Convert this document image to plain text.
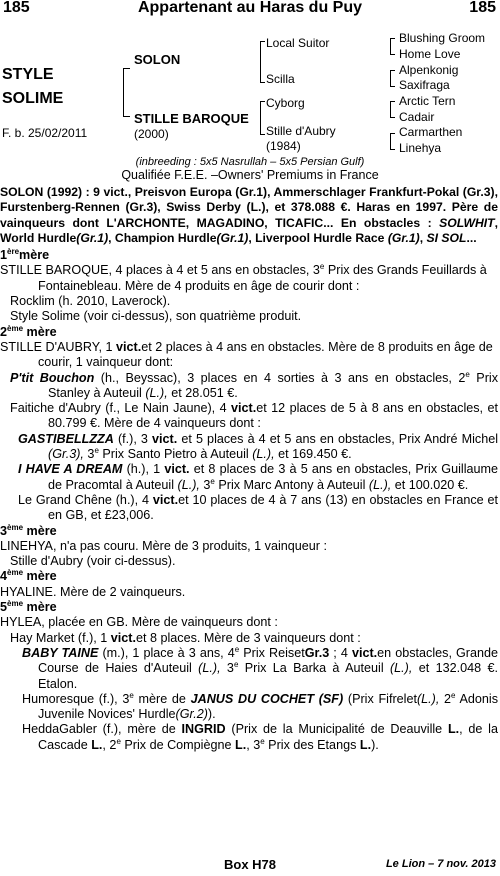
185	Appartenant au Haras du Puy	185
STYLE
SOLIME
F. b. 25/02/2011
SOLON
STILLE BAROQUE
(2000)
Local Suitor
Scilla
Cyborg
Stille d'Aubry
(1984)
Blushing Groom
Home Love
Alpenkonig
Saxifraga
Arctic Tern
Cadair
Carmarthen
Linehya
(inbreeding : 5x5 Nasrullah – 5x5 Persian Gulf)
Qualifiée F.E.E. –Owners' Premiums in France

SOLON (1992) : 9 vict., Preisvon Europa (Gr.1), Ammerschlager Frankfurt-Pokal (Gr.3), Furstenberg-Rennen (Gr.3), Swiss Derby (L.), et 378.088 €. Haras en 1997. Père de vainqueurs dont L'ARCHONTE, MAGADINO, TICAFIC... En obstacles : SOLWHIT, World Hurdle(Gr.1), Champion Hurdle(Gr.1), Liverpool Hurdle Race (Gr.1), SI SOL...

1èremère

STILLE BAROQUE, 4 places à 4 et 5 ans en obstacles, 3e Prix des Grands Feuillards à Fontainebleau. Mère de 4 produits en âge de courir dont :

Rocklim (h. 2010, Laverock).

Style Solime (voir ci-dessus), son quatrième produit.

2ème mère

STILLE D'AUBRY, 1 vict.et 2 places à 4 ans en obstacles. Mère de 8 produits en âge de courir, 1 vainqueur dont:

P'tit Bouchon (h., Beyssac), 3 places en 4 sorties à 3 ans en obstacles, 2e Prix Stanley à Auteuil (L.), et 28.051 €.

Faitiche d'Aubry (f., Le Nain Jaune), 4 vict.et 12 places de 5 à 8 ans en obstacles, et 80.799 €. Mère de 4 vainqueurs dont :

GASTIBELLZZA (f.), 3 vict. et 5 places à 4 et 5 ans en obstacles, Prix André Michel (Gr.3), 3e Prix Santo Pietro à Auteuil (L.), et 169.450 €.

I HAVE A DREAM (h.), 1 vict. et 8 places de 3 à 5 ans en obstacles, Prix Guillaume de Pracomtal à Auteuil (L.), 3e Prix Marc Antony à Auteuil (L.), et 100.020 €.

Le Grand Chêne (h.), 4 vict.et 10 places de 4 à 7 ans (13) en obstacles en France et en GB, et £23,006.

3ème mère

LINEHYA, n'a pas couru. Mère de 3 produits, 1 vainqueur :

Stille d'Aubry (voir ci-dessus).

4ème mère

HYALINE. Mère de 2 vainqueurs.

5ème mère

HYLEA, placée en GB. Mère de vainqueurs dont :

Hay Market (f.), 1 vict.et 8 places. Mère de 3 vainqueurs dont :

BABY TAINE (m.), 1 place à 3 ans, 4e Prix ReisetGr.3 ; 4 vict.en obstacles, Grande Course de Haies d'Auteuil (L.), 3e Prix La Barka à Auteuil (L.), et 132.048 €. Etalon.

Humoresque (f.), 3e mère de JANUS DU COCHET (SF) (Prix Fifrelet(L.), 2e Adonis Juvenile Novices' Hurdle(Gr.2)).

HeddaGabler (f.), mère de INGRID (Prix de la Municipalité de Deauville L., de la Cascade L., 2e Prix de Compiègne L., 3e Prix des Etangs L.).

Box H78	Le Lion – 7 nov. 2013
